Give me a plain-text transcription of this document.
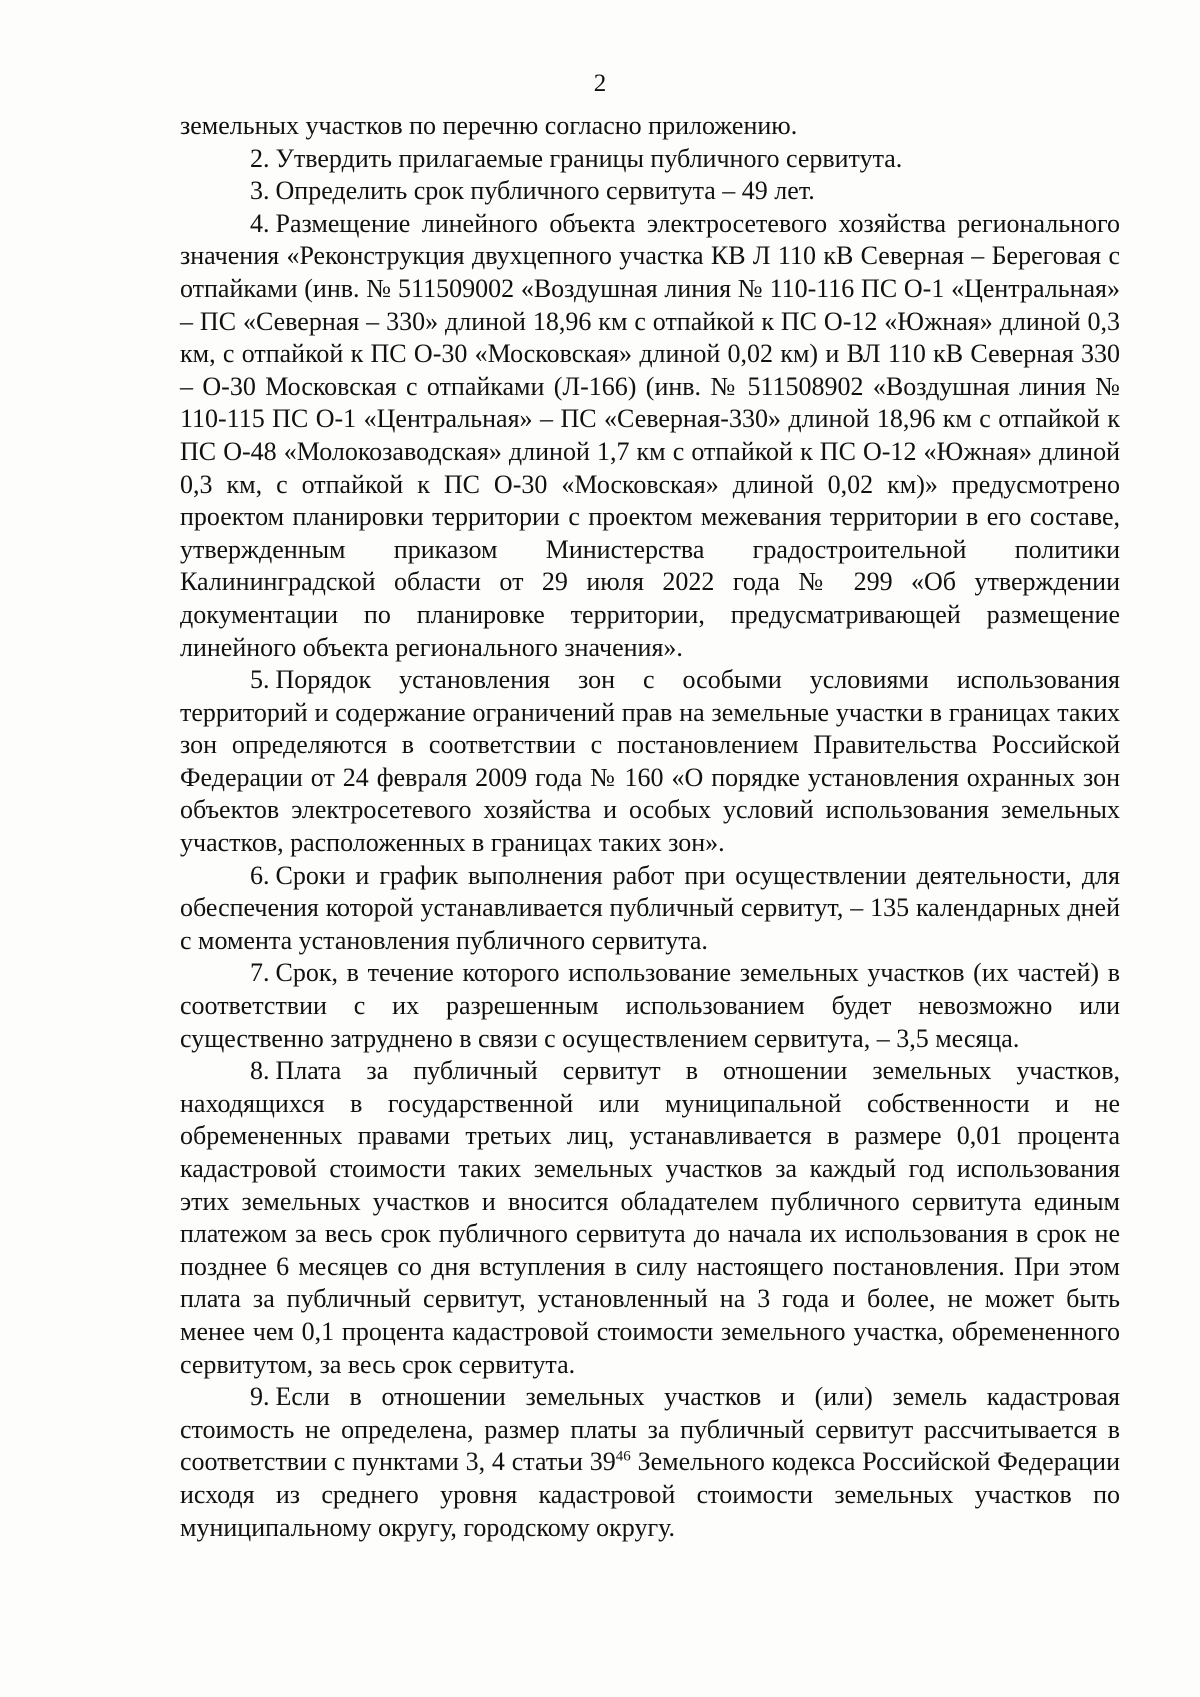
2

земельных участков по перечню согласно приложению.

2. Утвердить прилагаемые границы публичного сервитута.

3. Определить срок публичного сервитута – 49 лет.

4. Размещение линейного объекта электросетевого хозяйства регионального значения «Реконструкция двухцепного участка КВ Л 110 кВ Северная – Береговая с отпайками (инв. № 511509002 «Воздушная линия № 110-116 ПС О-1 «Центральная» – ПС «Северная – 330» длиной 18,96 км с отпайкой к ПС О-12 «Южная» длиной 0,3 км, с отпайкой к ПС О-30 «Московская» длиной 0,02 км) и ВЛ 110 кВ Северная 330 – О-30 Московская с отпайками (Л-166) (инв. № 511508902 «Воздушная линия № 110-115 ПС О-1 «Центральная» – ПС «Северная-330» длиной 18,96 км с отпайкой к ПС О-48 «Молокозаводская» длиной 1,7 км с отпайкой к ПС О-12 «Южная» длиной 0,3 км, с отпайкой к ПС О-30 «Московская» длиной 0,02 км)» предусмотрено проектом планировки территории с проектом межевания территории в его составе, утвержденным приказом Министерства градостроительной политики Калининградской области от 29 июля 2022 года № 299 «Об утверждении документации по планировке территории, предусматривающей размещение линейного объекта регионального значения».

5. Порядок установления зон с особыми условиями использования территорий и содержание ограничений прав на земельные участки в границах таких зон определяются в соответствии с постановлением Правительства Российской Федерации от 24 февраля 2009 года № 160 «О порядке установления охранных зон объектов электросетевого хозяйства и особых условий использования земельных участков, расположенных в границах таких зон».

6. Сроки и график выполнения работ при осуществлении деятельности, для обеспечения которой устанавливается публичный сервитут, – 135 календарных дней с момента установления публичного сервитута.

7. Срок, в течение которого использование земельных участков (их частей) в соответствии с их разрешенным использованием будет невозможно или существенно затруднено в связи с осуществлением сервитута, – 3,5 месяца.

8. Плата за публичный сервитут в отношении земельных участков, находящихся в государственной или муниципальной собственности и не обремененных правами третьих лиц, устанавливается в размере 0,01 процента кадастровой стоимости таких земельных участков за каждый год использования этих земельных участков и вносится обладателем публичного сервитута единым платежом за весь срок публичного сервитута до начала их использования в срок не позднее 6 месяцев со дня вступления в силу настоящего постановления. При этом плата за публичный сервитут, установленный на 3 года и более, не может быть менее чем 0,1 процента кадастровой стоимости земельного участка, обремененного сервитутом, за весь срок сервитута.

9. Если в отношении земельных участков и (или) земель кадастровая стоимость не определена, размер платы за публичный сервитут рассчитывается в соответствии с пунктами 3, 4 статьи $39^{46}$ Земельного кодекса Российской Федерации исходя из среднего уровня кадастровой стоимости земельных участков по муниципальному округу, городскому округу.
